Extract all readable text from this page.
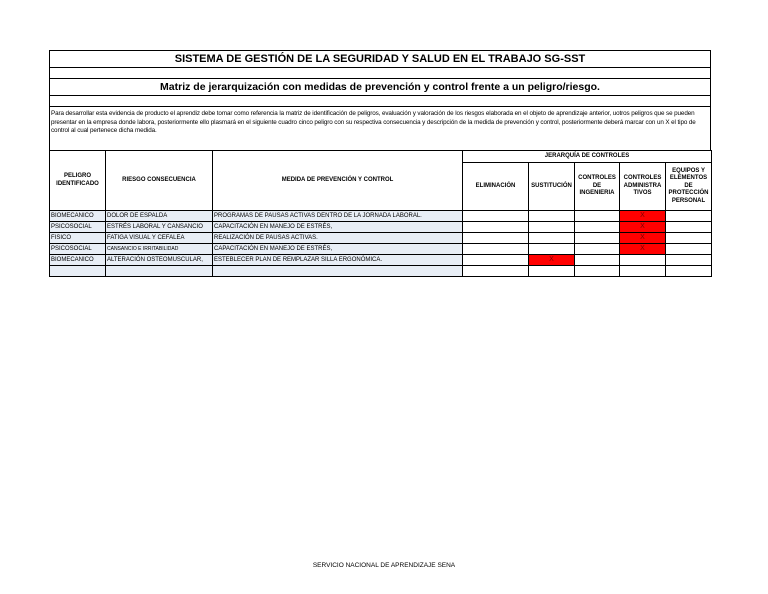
SISTEMA DE GESTIÓN DE LA SEGURIDAD Y SALUD EN EL TRABAJO SG-SST
Matriz de jerarquización con medidas de prevención y control frente a un peligro/riesgo.
Para desarrollar esta evidencia de producto el aprendiz debe tomar como referencia la matriz de identificación de peligros, evaluación y valoración de los riesgos elaborada en el objeto de aprendizaje anterior, uotros peligros que se pueden presentar en la empresa donde labora, posteriormente ello plasmará en el siguiente cuadro cinco peligro con su respectiva consecuencia y descripción de la medida de prevención y control, posteriormente deberá marcar con un X el tipo de control al cual pertenece dicha medida.
PELIGRO IDENTIFICADO	RIESGO CONSECUENCIA	MEDIDA DE PREVENCIÓN Y CONTROL	JERARQUÍA DE CONTROLES				
			ELIMINACIÓN	SUSTITUCIÓN	CONTROLES DE INGENIERIA	CONTROLES ADMINISTRA TIVOS	EQUIPOS Y ELEMENTOS DE PROTECCIÓN PERSONAL
BIOMECANICO	DOLOR DE ESPALDA	PROGRAMAS DE PAUSAS ACTIVAS DENTRO DE LA JORNADA LABORAL.				X	
PSICOSOCIAL	ESTRÉS LABORAL Y CANSANCIO	CAPACITACIÓN EN MANEJO DE ESTRÉS,				X	
FISICO	FATIGA VISUAL Y CEFALEA	REALIZACIÓN DE PAUSAS ACTIVAS.				X	
PSICOSOCIAL	CANSANCIO E IRRITABILIDAD	CAPACITACIÓN EN MANEJO DE ESTRÉS,				X	
BIOMECANICO	ALTERACIÓN OSTEOMUSCULAR,	ESTEBLECER PLAN DE REMPLAZAR SILLA ERGONÓMICA.		X			

SERVICIO NACIONAL DE APRENDIZAJE SENA
